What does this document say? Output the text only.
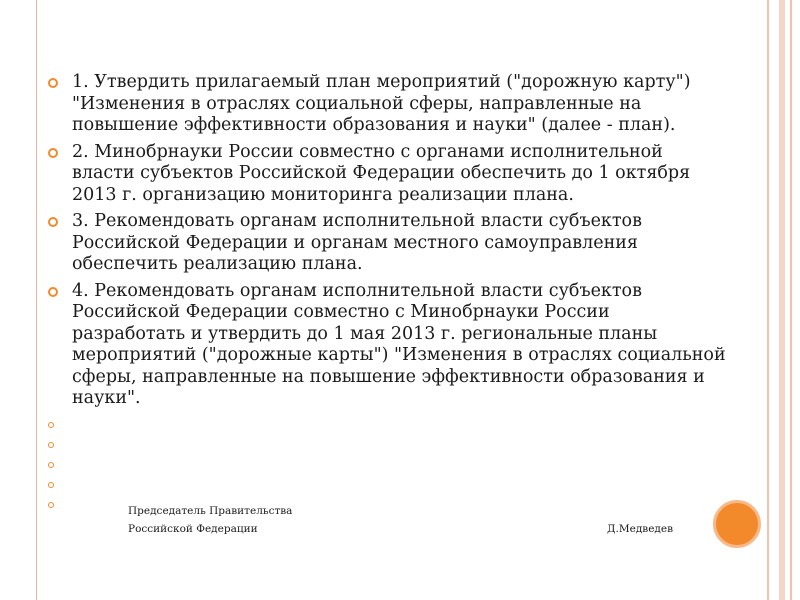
1. Утвердить прилагаемый план мероприятий ("дорожную карту") "Изменения в отраслях социальной сферы, направленные на повышение эффективности образования и науки" (далее - план).
2. Минобрнауки России совместно с органами исполнительной власти субъектов Российской Федерации обеспечить до 1 октября 2013 г. организацию мониторинга реализации плана.
3. Рекомендовать органам исполнительной власти субъектов Российской Федерации и органам местного самоуправления обеспечить реализацию плана.
4. Рекомендовать органам исполнительной власти субъектов Российской Федерации совместно с Минобрнауки России разработать и утвердить до 1 мая 2013 г. региональные планы мероприятий ("дорожные карты") "Изменения в отраслях социальной сферы, направленные на повышение эффективности образования и науки".
Председатель Правительства
Российской Федерации	Д.Медведев
